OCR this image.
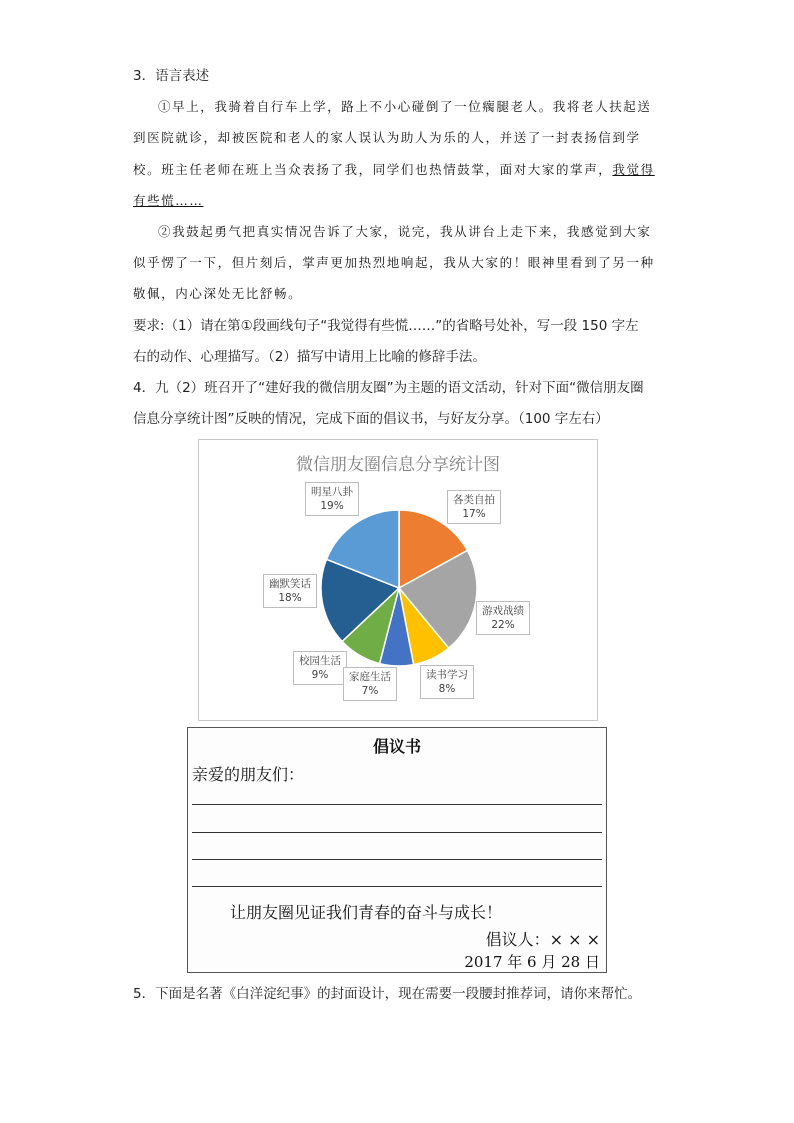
3．语言表述
①早上，我骑着自行车上学，路上不小心碰倒了一位瘸腿老人。我将老人扶起送
到医院就诊，却被医院和老人的家人误认为助人为乐的人，并送了一封表扬信到学
校。班主任老师在班上当众表扬了我，同学们也热情鼓掌，面对大家的掌声，我觉得
有些慌……
②我鼓起勇气把真实情况告诉了大家，说完，我从讲台上走下来，我感觉到大家
似乎愣了一下，但片刻后，掌声更加热烈地响起，我从大家的！眼神里看到了另一种
敬佩，内心深处无比舒畅。
要求:（1）请在第①段画线句子“我觉得有些慌……”的省略号处补，写一段 150 字左
右的动作、心理描写。（2）描写中请用上比喻的修辞手法。
4．九（2）班召开了“建好我的微信朋友圈”为主题的语文活动，针对下面“微信朋友圈
信息分享统计图”反映的情况，完成下面的倡议书，与好友分享。（100 字左右）
微信朋友圈信息分享统计图
明星八卦
19%	各类自拍
17%
幽默笑话
18%
游戏战绩
22%
校园生活
9%	家庭生活
7%
读书学习
8%
倡议书
亲爱的朋友们：
让朋友圈见证我们青春的奋斗与成长！
倡议人：× × ×
2017 年 6 月 28 日
5．下面是名著《白洋淀纪事》的封面设计，现在需要一段腰封推荐词，请你来帮忙。
